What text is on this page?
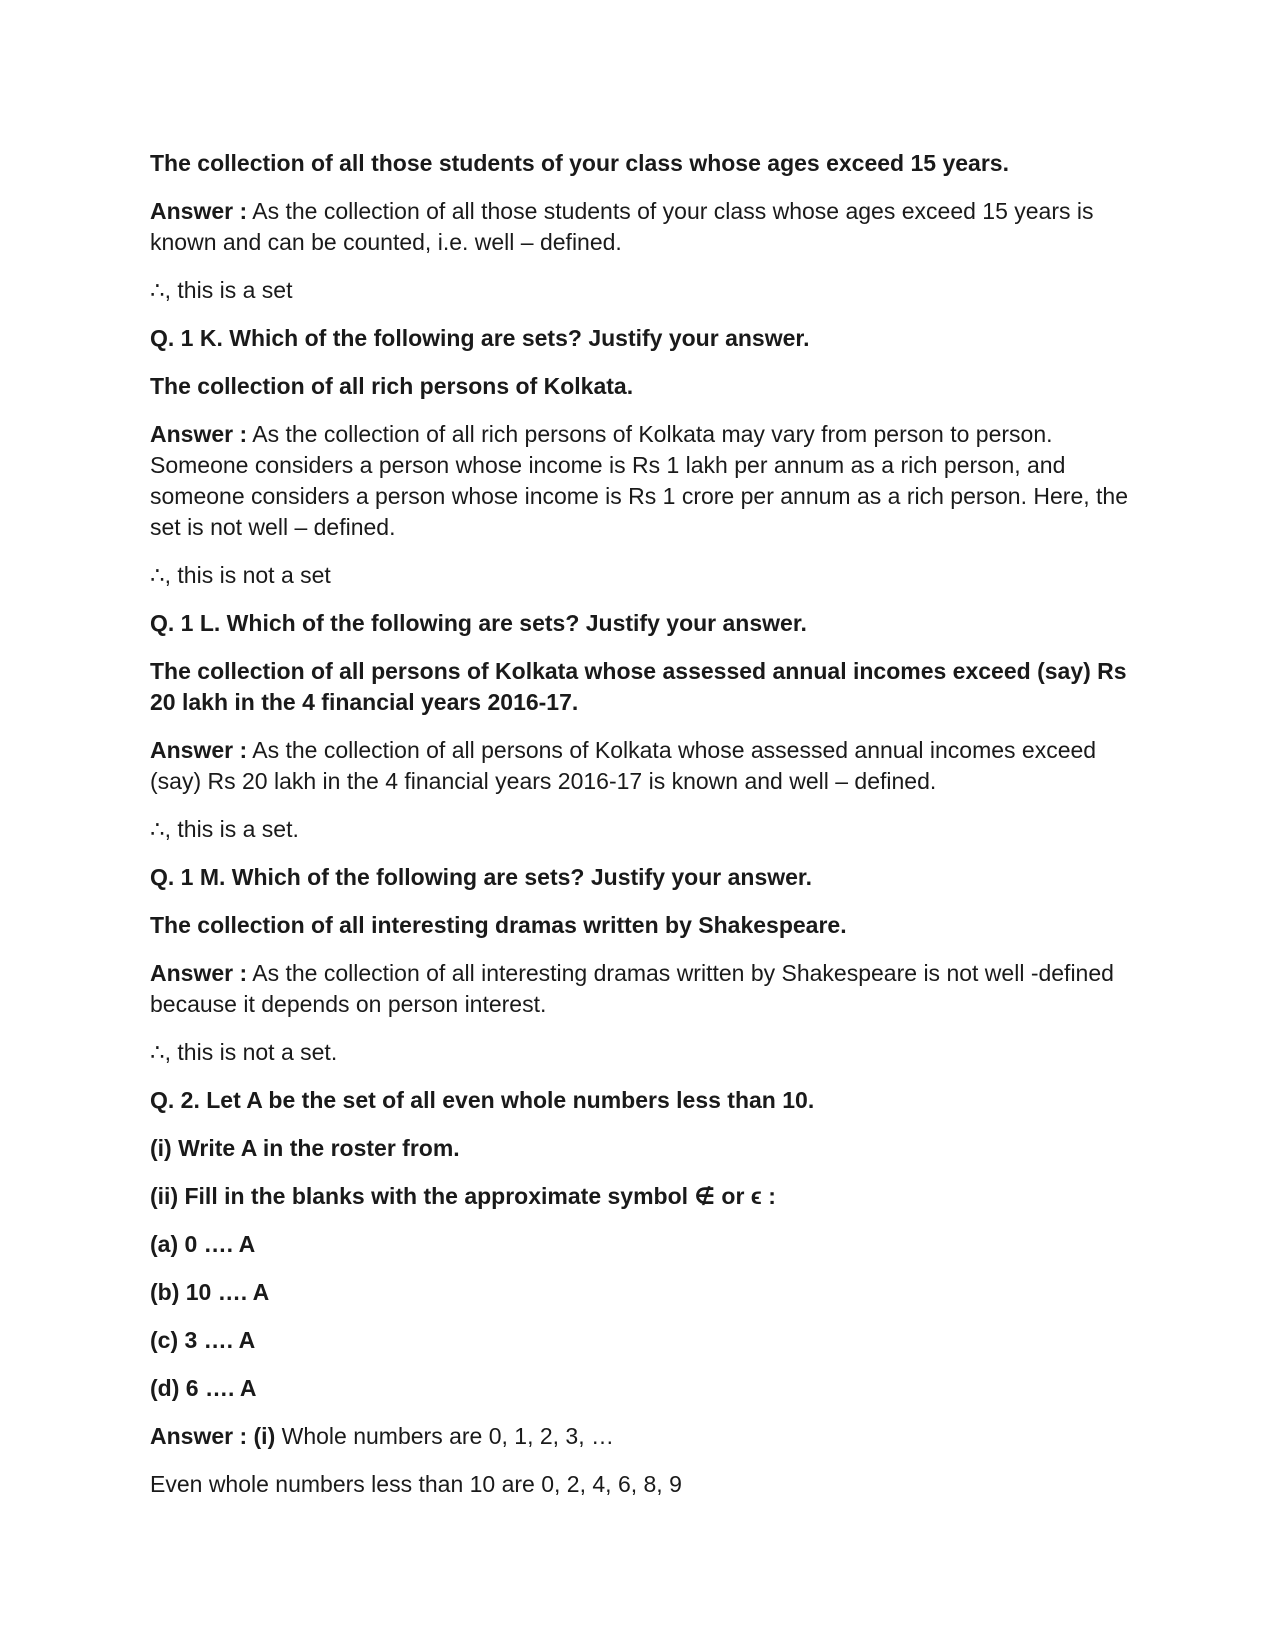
The collection of all those students of your class whose ages exceed 15 years.

Answer : As the collection of all those students of your class whose ages exceed 15 years is known and can be counted, i.e. well – defined.

∴, this is a set

Q. 1 K. Which of the following are sets? Justify your answer.

The collection of all rich persons of Kolkata.

Answer : As the collection of all rich persons of Kolkata may vary from person to person. Someone considers a person whose income is Rs 1 lakh per annum as a rich person, and someone considers a person whose income is Rs 1 crore per annum as a rich person. Here, the set is not well – defined.

∴, this is not a set

Q. 1 L. Which of the following are sets? Justify your answer.

The collection of all persons of Kolkata whose assessed annual incomes exceed (say) Rs 20 lakh in the 4 financial years 2016-17.

Answer : As the collection of all persons of Kolkata whose assessed annual incomes exceed (say) Rs 20 lakh in the 4 financial years 2016-17 is known and well – defined.

∴, this is a set.

Q. 1 M. Which of the following are sets? Justify your answer.

The collection of all interesting dramas written by Shakespeare.

Answer : As the collection of all interesting dramas written by Shakespeare is not well -defined because it depends on person interest.

∴, this is not a set.

Q. 2. Let A be the set of all even whole numbers less than 10.

(i) Write A in the roster from.

(ii) Fill in the blanks with the approximate symbol ∉ or ϵ :

(a) 0 …. A

(b) 10 …. A

(c) 3 …. A

(d) 6 …. A

Answer : (i) Whole numbers are 0, 1, 2, 3, …

Even whole numbers less than 10 are 0, 2, 4, 6, 8, 9
